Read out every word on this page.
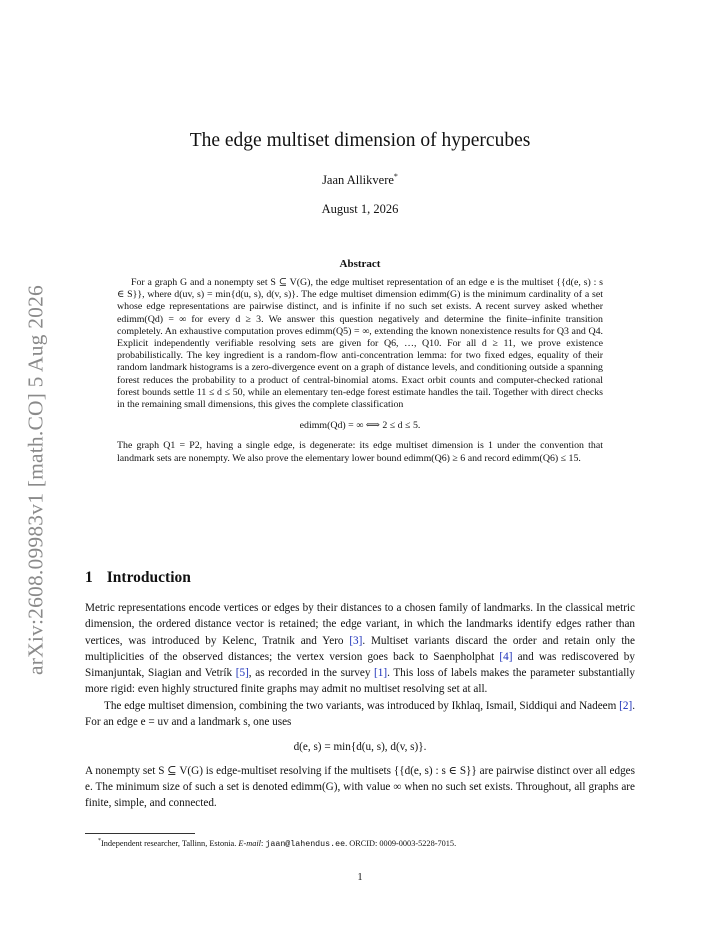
arXiv:2608.09983v1 [math.CO] 5 Aug 2026
The edge multiset dimension of hypercubes
Jaan Allikvere*
August 1, 2026
Abstract

For a graph G and a nonempty set S ⊆ V(G), the edge multiset representation of an edge e is the multiset {{d(e, s) : s ∈ S}}, where d(uv, s) = min{d(u, s), d(v, s)}. The edge multiset dimension edimm(G) is the minimum cardinality of a set whose edge representations are pairwise distinct, and is infinite if no such set exists. A recent survey asked whether edimm(Qd) = ∞ for every d ≥ 3. We answer this question negatively and determine the finite–infinite transition completely. An exhaustive computation proves edimm(Q5) = ∞, extending the known nonexistence results for Q3 and Q4. Explicit independently verifiable resolving sets are given for Q6, …, Q10. For all d ≥ 11, we prove existence probabilistically. The key ingredient is a random-flow anti-concentration lemma: for two fixed edges, equality of their random landmark histograms is a zero-divergence event on a graph of distance levels, and conditioning outside a spanning forest reduces the probability to a product of central-binomial atoms. Exact orbit counts and computer-checked rational forest bounds settle 11 ≤ d ≤ 50, while an elementary ten-edge forest estimate handles the tail. Together with direct checks in the remaining small dimensions, this gives the complete classification

edimm(Qd) = ∞ ⟺ 2 ≤ d ≤ 5.

The graph Q1 = P2, having a single edge, is degenerate: its edge multiset dimension is 1 under the convention that landmark sets are nonempty. We also prove the elementary lower bound edimm(Q6) ≥ 6 and record edimm(Q6) ≤ 15.

1 Introduction

Metric representations encode vertices or edges by their distances to a chosen family of landmarks. In the classical metric dimension, the ordered distance vector is retained; the edge variant, in which the landmarks identify edges rather than vertices, was introduced by Kelenc, Tratnik and Yero [3]. Multiset variants discard the order and retain only the multiplicities of the observed distances; the vertex version goes back to Saenpholphat [4] and was rediscovered by Simanjuntak, Siagian and Vetrík [5], as recorded in the survey [1]. This loss of labels makes the parameter substantially more rigid: even highly structured finite graphs may admit no multiset resolving set at all.

The edge multiset dimension, combining the two variants, was introduced by Ikhlaq, Ismail, Siddiqui and Nadeem [2]. For an edge e = uv and a landmark s, one uses

d(e, s) = min{d(u, s), d(v, s)}.

A nonempty set S ⊆ V(G) is edge-multiset resolving if the multisets {{d(e, s) : s ∈ S}} are pairwise distinct over all edges e. The minimum size of such a set is denoted edimm(G), with value ∞ when no such set exists. Throughout, all graphs are finite, simple, and connected.

*Independent researcher, Tallinn, Estonia. E-mail: jaan@lahendus.ee. ORCID: 0009-0003-5228-7015.
1
